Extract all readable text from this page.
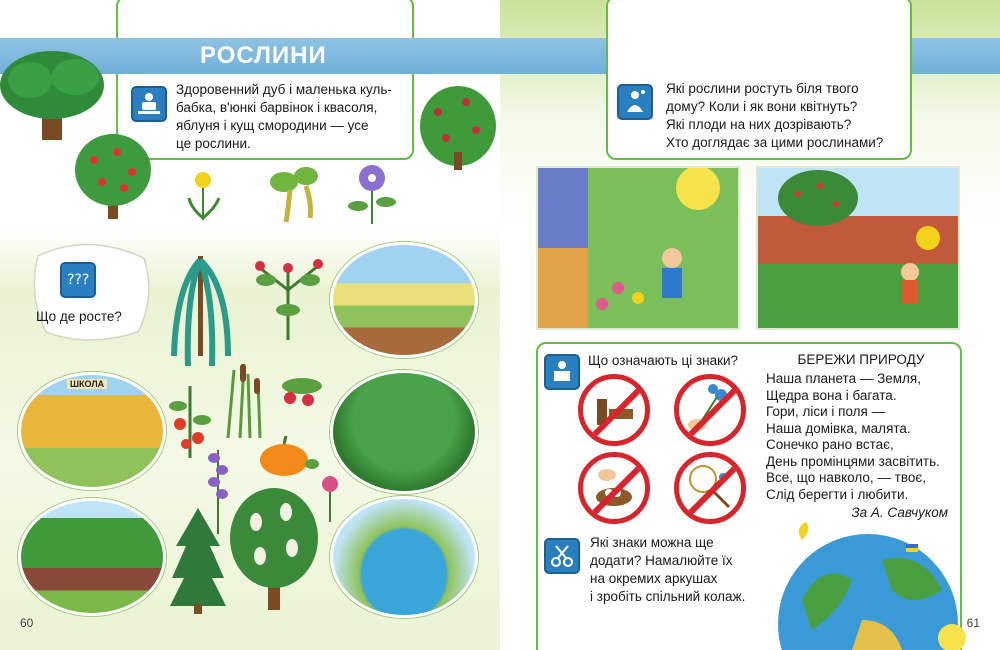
РОСЛИНИ
Здоровенний дуб і маленька куль-
бабка, в'юнкі барвінок і квасоля,
яблуня і кущ смородини — усе
це рослини.
???
Що де росте?
ШКОЛА
60
Які рослини ростуть біля твого
дому? Коли і як вони квітнуть?
Які плоди на них дозрівають?
Хто доглядає за цими рослинами?
Що означають ці знаки?	БЕРЕЖИ ПРИРОДУ
Наша планета — Земля,
Щедра вона і багата.
Гори, ліси і поля —
Наша домівка, малята.
Сонечко рано встає,
День промінцями засвітить.
Все, що навколо, — твоє,
Слід берегти і любити.
За А. Савчуком
Які знаки можна ще
додати? Намалюйте їх
на окремих аркушах
і зробіть спільний колаж.
61
